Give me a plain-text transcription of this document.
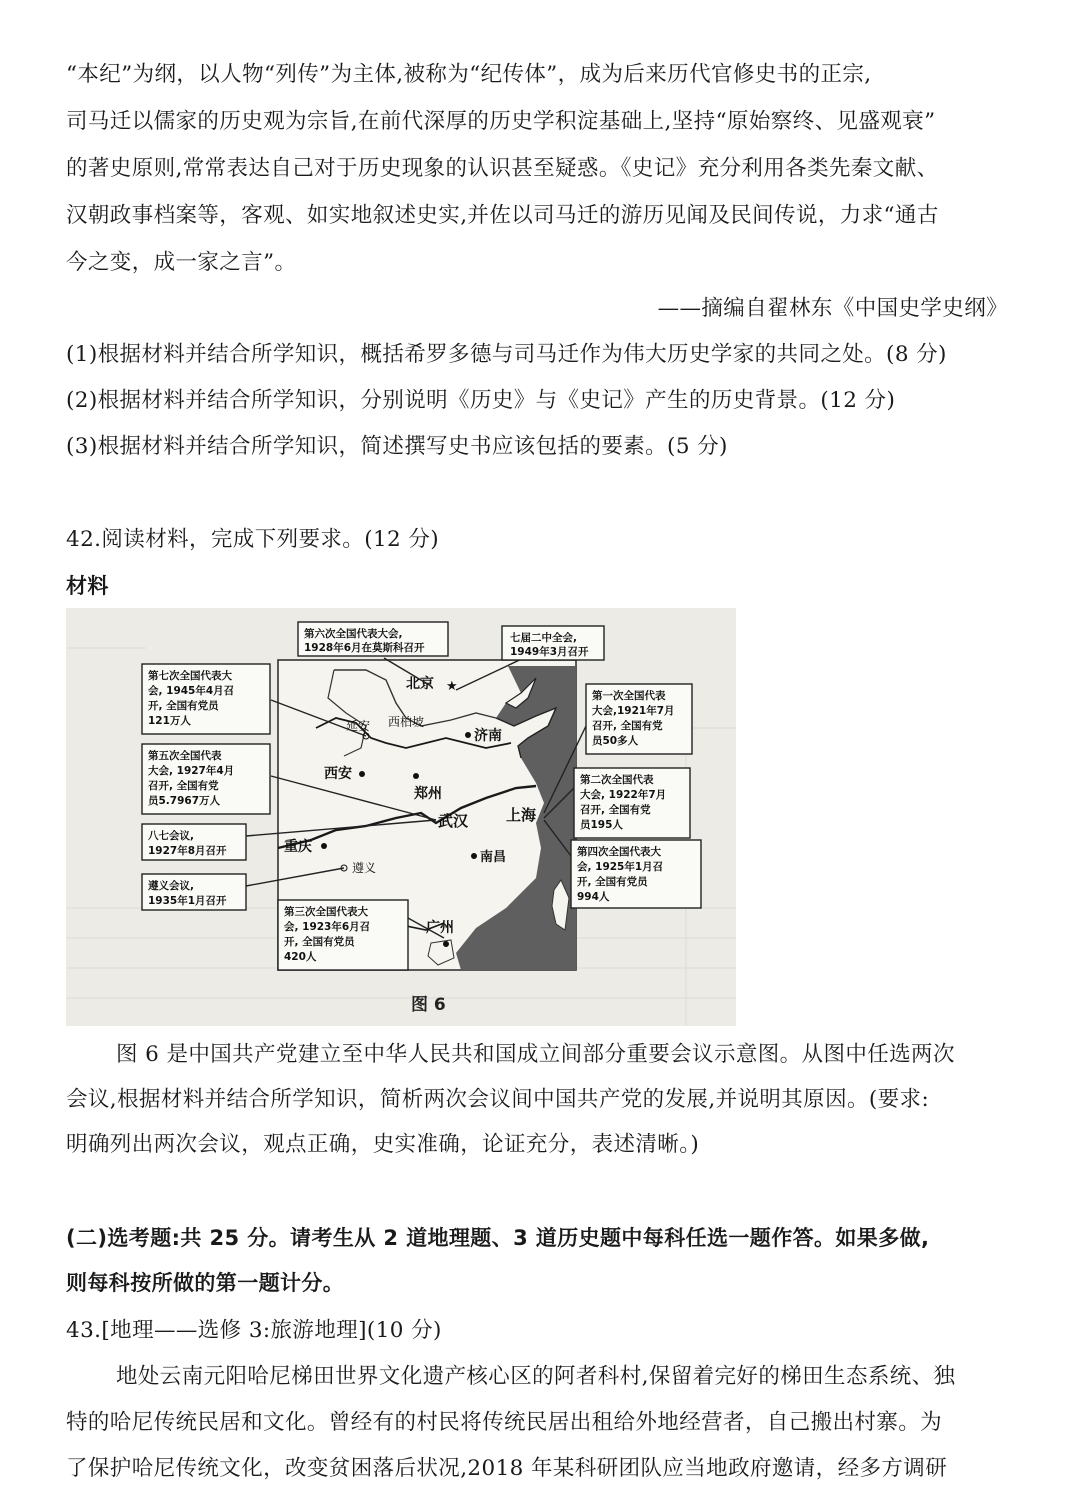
“本纪”为纲，以人物“列传”为主体,被称为“纪传体”，成为后来历代官修史书的正宗,
司马迁以儒家的历史观为宗旨,在前代深厚的历史学积淀基础上,坚持“原始察终、见盛观衰”
的著史原则,常常表达自己对于历史现象的认识甚至疑惑。《史记》充分利用各类先秦文献、
汉朝政事档案等，客观、如实地叙述史实,并佐以司马迁的游历见闻及民间传说，力求“通古
今之变，成一家之言”。
——摘编自翟林东《中国史学史纲》
(1)根据材料并结合所学知识，概括希罗多德与司马迁作为伟大历史学家的共同之处。(8 分)
(2)根据材料并结合所学知识，分别说明《历史》与《史记》产生的历史背景。(12 分)
(3)根据材料并结合所学知识，简述撰写史书应该包括的要素。(5 分)
42.阅读材料，完成下列要求。(12 分)
材料
北京 ★
延安 西柏坡
济南
西安
郑州
武汉	上海
重庆
遵义
南昌
广州
第六次全国代表大会,
1928年6月在莫斯科召开
七届二中全会,
1949年3月召开
第七次全国代表大
会, 1945年4月召
开, 全国有党员
121万人
第一次全国代表
大会,1921年7月
召开, 全国有党
员50多人
第五次全国代表
大会, 1927年4月
召开, 全国有党
员5.7967万人
第二次全国代表
大会, 1922年7月
召开, 全国有党
员195人
八七会议,
1927年8月召开	第四次全国代表大
会, 1925年1月召
开, 全国有党员
994人
遵义会议,
1935年1月召开
第三次全国代表大
会, 1923年6月召
开, 全国有党员
420人
图 6
图 6 是中国共产党建立至中华人民共和国成立间部分重要会议示意图。从图中任选两次
会议,根据材料并结合所学知识，简析两次会议间中国共产党的发展,并说明其原因。(要求:
明确列出两次会议，观点正确，史实准确，论证充分，表述清晰。)
(二)选考题:共 25 分。请考生从 2 道地理题、3 道历史题中每科任选一题作答。如果多做,
则每科按所做的第一题计分。
43.[地理——选修 3:旅游地理](10 分)
地处云南元阳哈尼梯田世界文化遗产核心区的阿者科村,保留着完好的梯田生态系统、独
特的哈尼传统民居和文化。曾经有的村民将传统民居出租给外地经营者，自己搬出村寨。为
了保护哈尼传统文化，改变贫困落后状况,2018 年某科研团队应当地政府邀请，经多方调研
